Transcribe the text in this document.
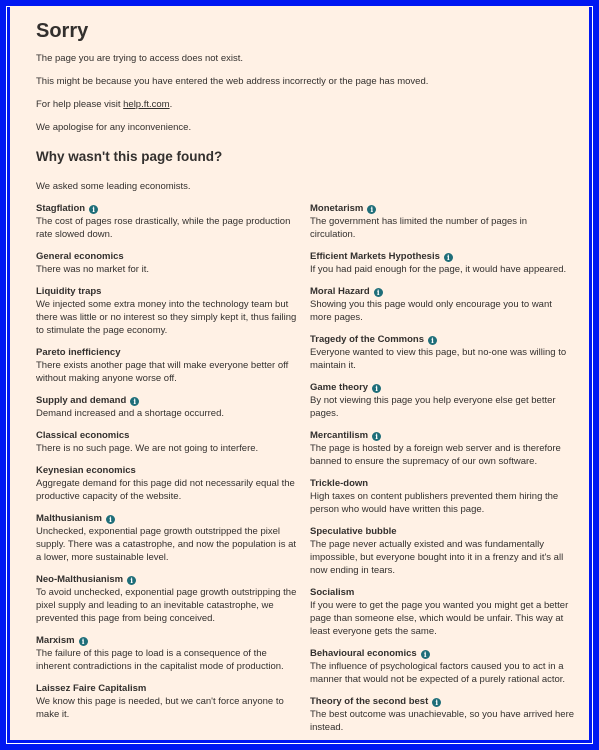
Sorry

The page you are trying to access does not exist.

This might be because you have entered the web address incorrectly or the page has moved.

For help please visit help.ft.com.

We apologise for any inconvenience.

Why wasn't this page found?

We asked some leading economists.

Stagflation	i
The cost of pages rose drastically, while the page production rate slowed down.
General economics
There was no market for it.
Liquidity traps
We injected some extra money into the technology team but there was little or no interest so they simply kept it, thus failing to stimulate the page economy.
Pareto inefficiency
There exists another page that will make everyone better off without making anyone worse off.
Supply and demand	i
Demand increased and a shortage occurred.
Classical economics
There is no such page. We are not going to interfere.
Keynesian economics
Aggregate demand for this page did not necessarily equal the productive capacity of the website.
Malthusianism	i
Unchecked, exponential page growth outstripped the pixel supply. There was a catastrophe, and now the population is at a lower, more sustainable level.
Neo-Malthusianism	i
To avoid unchecked, exponential page growth outstripping the pixel supply and leading to an inevitable catastrophe, we prevented this page from being conceived.
Marxism	i
The failure of this page to load is a consequence of the inherent contradictions in the capitalist mode of production.
Laissez Faire Capitalism
We know this page is needed, but we can't force anyone to make it.
Monetarism	i
The government has limited the number of pages in circulation.
Efficient Markets Hypothesis	i
If you had paid enough for the page, it would have appeared.
Moral Hazard	i
Showing you this page would only encourage you to want more pages.
Tragedy of the Commons	i
Everyone wanted to view this page, but no-one was willing to maintain it.
Game theory	i
By not viewing this page you help everyone else get better pages.
Mercantilism	i
The page is hosted by a foreign web server and is therefore banned to ensure the supremacy of our own software.
Trickle-down
High taxes on content publishers prevented them hiring the person who would have written this page.
Speculative bubble
The page never actually existed and was fundamentally impossible, but everyone bought into it in a frenzy and it's all now ending in tears.
Socialism
If you were to get the page you wanted you might get a better page than someone else, which would be unfair. This way at least everyone gets the same.
Behavioural economics	i
The influence of psychological factors caused you to act in a manner that would not be expected of a purely rational actor.
Theory of the second best	i
The best outcome was unachievable, so you have arrived here instead.
